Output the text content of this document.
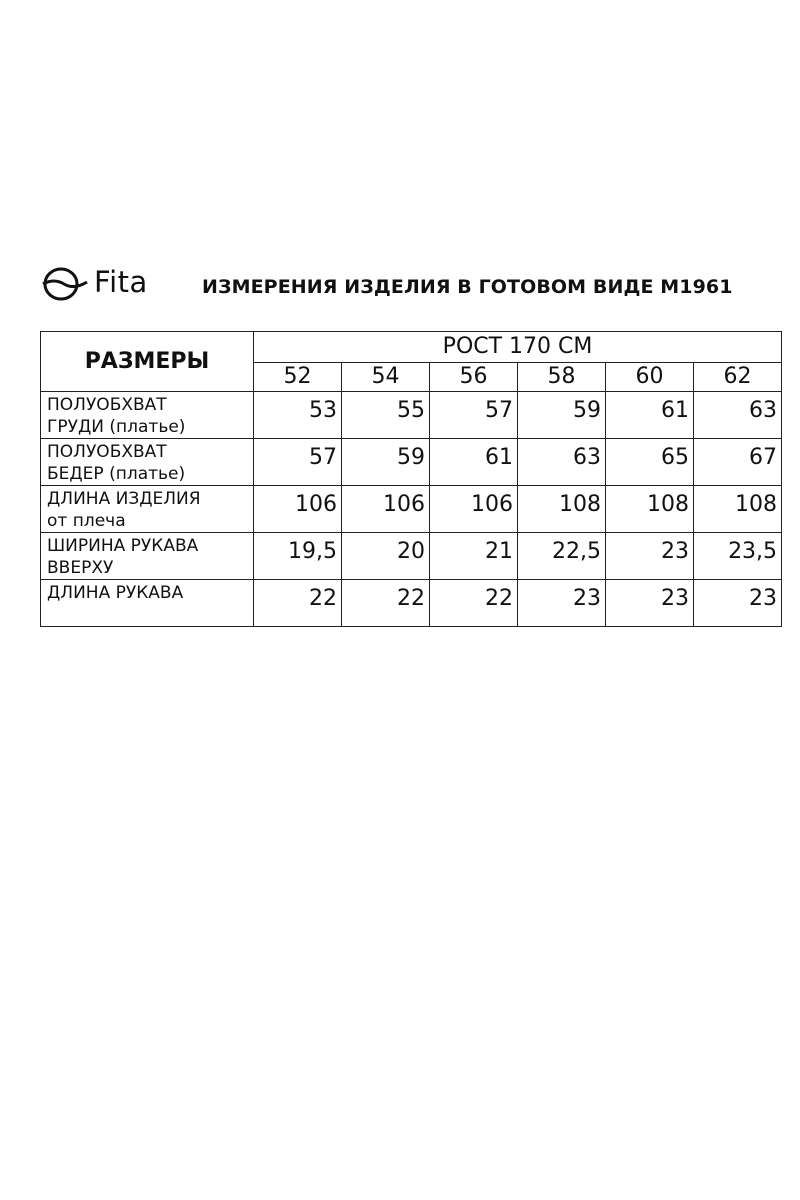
Fita	ИЗМЕРЕНИЯ ИЗДЕЛИЯ В ГОТОВОМ ВИДЕ М1961
РАЗМЕРЫ	РОСТ 170 СМ					
	52	54	56	58	60	62

ПОЛУОБХВАТ
ГРУДИ (платье)	53	55	57	59	61	63

ПОЛУОБХВАТ
БЕДЕР (платье)	57	59	61	63	65	67

ДЛИНА ИЗДЕЛИЯ
от плеча	106	106	106	108	108	108

ШИРИНА РУКАВА
ВВЕРХУ	19,5	20	21	22,5	23	23,5

ДЛИНА РУКАВА	22	22	22	23	23	23
